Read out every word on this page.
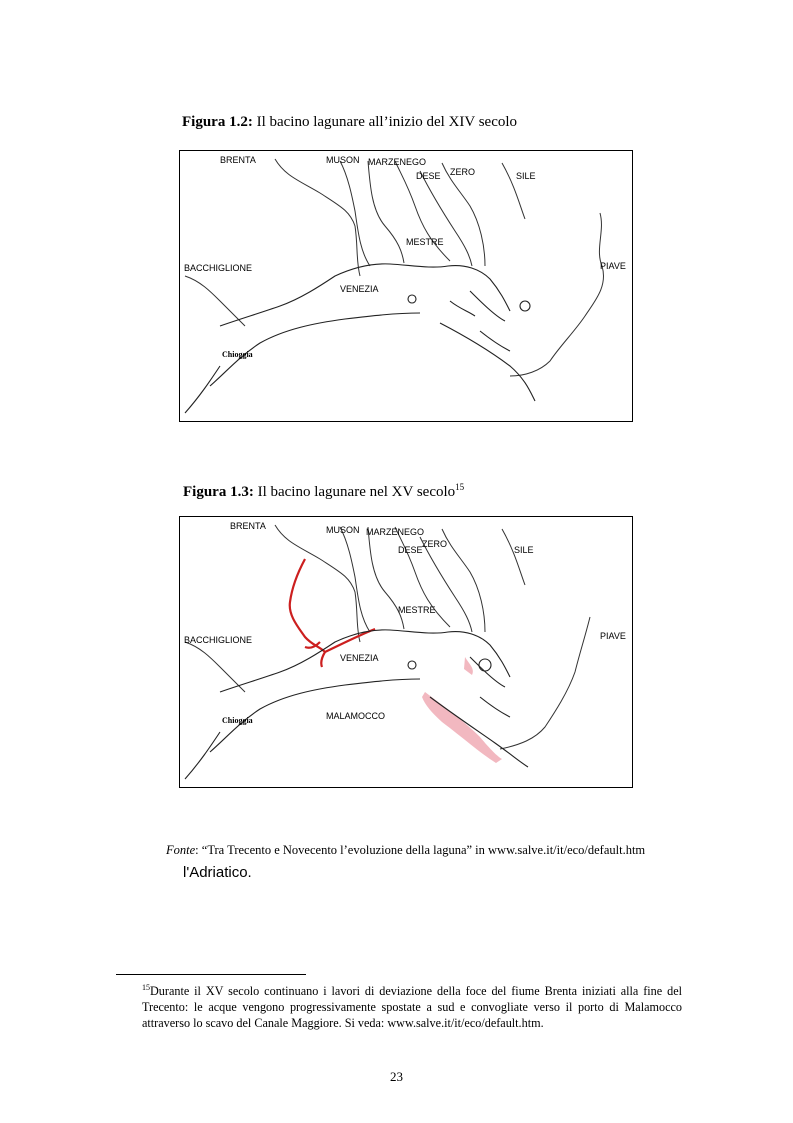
Figura 1.2: Il bacino lagunare all’inizio del XIV secolo
BRENTA	MUSON MARZENEGO
DESE ZERO	SILE
MESTRE
BACCHIGLIONE	PIAVE
VENEZIA
Chioggia
Figura 1.3: Il bacino lagunare nel XV secolo$^{15}$
BRENTA	MUSON MARZENEGO
DESE
ZERO
SILE
MESTRE
BACCHIGLIONE	PIAVE
VENEZIA
MALAMOCCO
Chioggia
Fonte: “Tra Trecento e Novecento l’evoluzione della laguna” in www.salve.it/it/eco/default.htm
l'Adriatico.
$^{15}$Durante il XV secolo continuano i lavori di deviazione della foce del fiume Brenta iniziati alla fine del Trecento: le acque vengono progressivamente spostate a sud e convogliate verso il porto di Malamocco attraverso lo scavo del Canale Maggiore. Si veda: www.salve.it/it/eco/default.htm.
23
